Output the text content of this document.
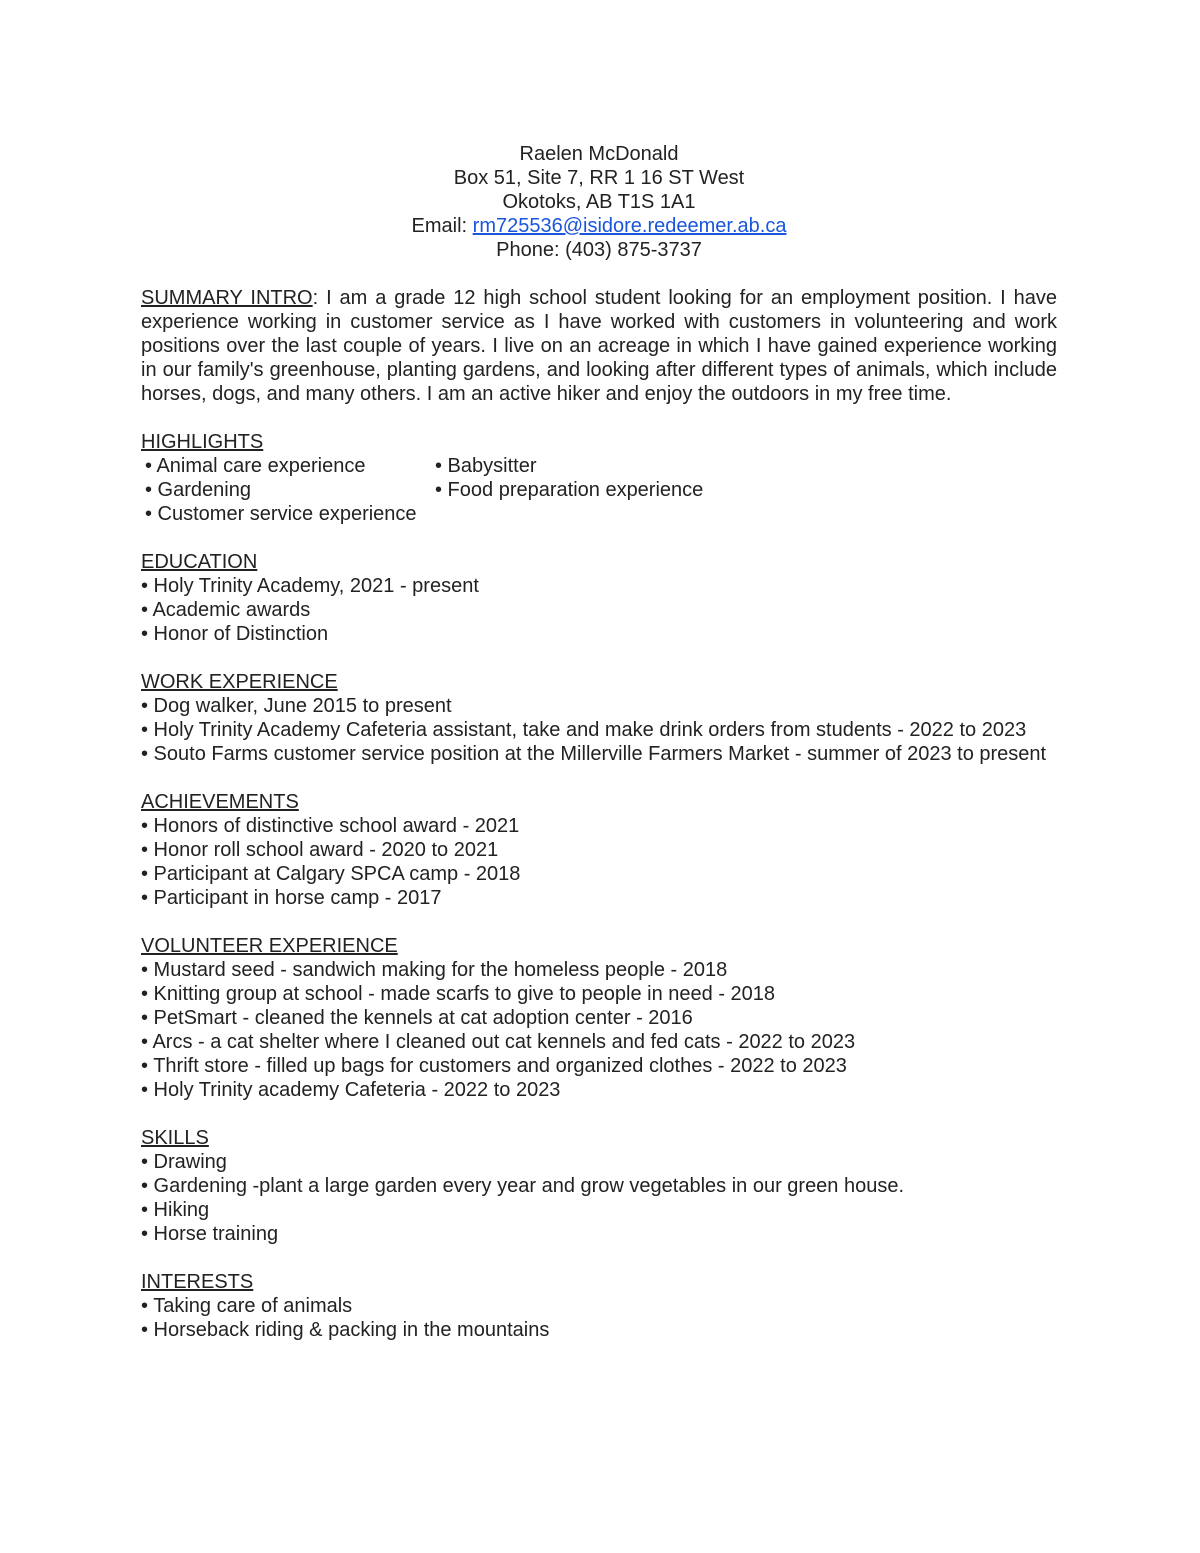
Raelen McDonald
Box 51, Site 7, RR 1 16 ST West
Okotoks, AB T1S 1A1
Email: rm725536@isidore.redeemer.ab.ca
Phone: (403) 875-3737
SUMMARY INTRO: I am a grade 12 high school student looking for an employment position. I have experience working in customer service as I have worked with customers in volunteering and work positions over the last couple of years. I live on an acreage in which I have gained experience working in our family's greenhouse, planting gardens, and looking after different types of animals, which include horses, dogs, and many others. I am an active hiker and enjoy the outdoors in my free time.
HIGHLIGHTS
• Animal care experience	• Babysitter
• Gardening	• Food preparation experience
• Customer service experience
EDUCATION
• Holy Trinity Academy, 2021 - present
• Academic awards
• Honor of Distinction
WORK EXPERIENCE
• Dog walker, June 2015 to present
• Holy Trinity Academy Cafeteria assistant, take and make drink orders from students - 2022 to 2023
• Souto Farms customer service position at the Millerville Farmers Market - summer of 2023 to present
ACHIEVEMENTS
• Honors of distinctive school award - 2021
• Honor roll school award - 2020 to 2021
• Participant at Calgary SPCA camp - 2018
• Participant in horse camp - 2017
VOLUNTEER EXPERIENCE
• Mustard seed - sandwich making for the homeless people - 2018
• Knitting group at school - made scarfs to give to people in need - 2018
• PetSmart - cleaned the kennels at cat adoption center - 2016
• Arcs - a cat shelter where I cleaned out cat kennels and fed cats - 2022 to 2023
• Thrift store - filled up bags for customers and organized clothes - 2022 to 2023
• Holy Trinity academy Cafeteria - 2022 to 2023
SKILLS
• Drawing
• Gardening -plant a large garden every year and grow vegetables in our green house.
• Hiking
• Horse training
INTERESTS
• Taking care of animals
• Horseback riding & packing in the mountains
